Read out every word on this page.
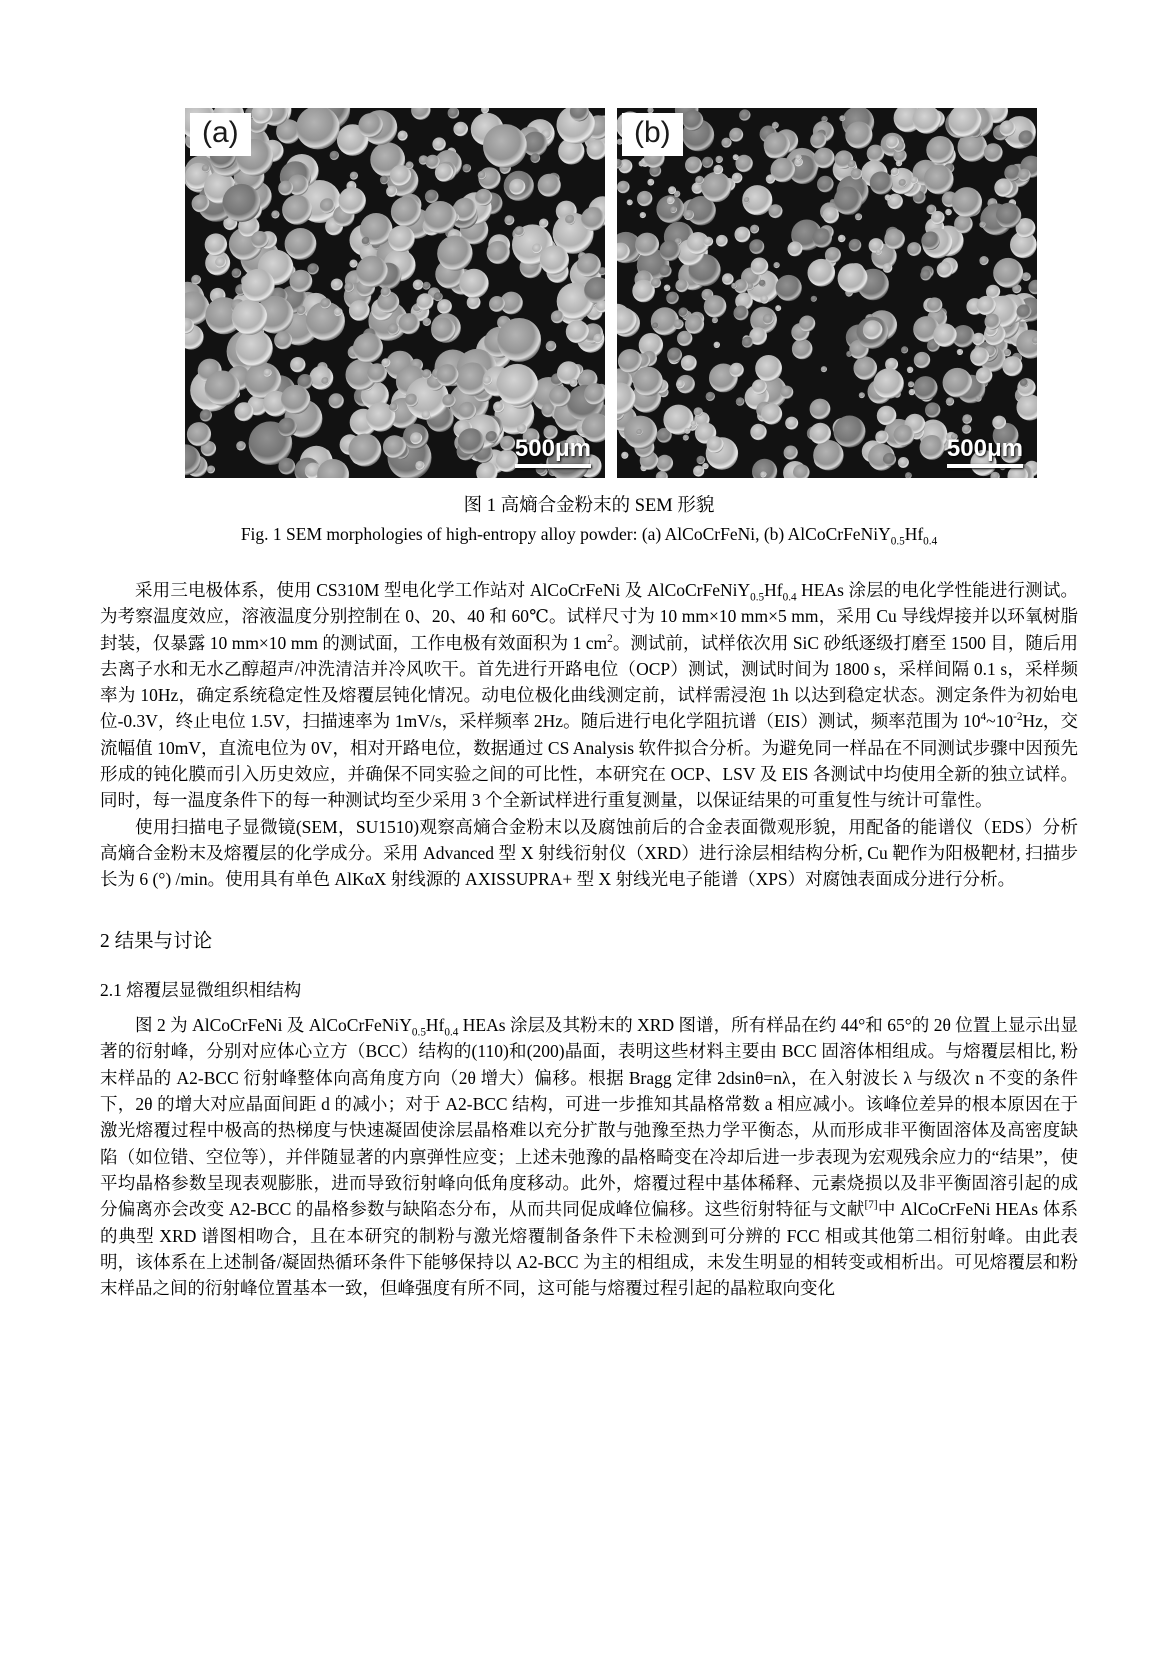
(a)
500μm
(b)
500μm
图 1 高熵合金粉末的 SEM 形貌
Fig. 1 SEM morphologies of high-entropy alloy powder: (a) AlCoCrFeNi, (b) $AlCoCrFeNiY_{0.5}Hf_{0.4}$

采用三电极体系，使用 CS310M 型电化学工作站对 AlCoCrFeNi 及 $AlCoCrFeNiY_{0.5}Hf_{0.4}$ HEAs 涂层的电化学性能进行测试。为考察温度效应，溶液温度分别控制在 0、20、40 和 60℃。试样尺寸为 10 mm×10 mm×5 mm，采用 Cu 导线焊接并以环氧树脂封装，仅暴露 10 mm×10 mm 的测试面，工作电极有效面积为 1 $cm^2$。测试前，试样依次用 SiC 砂纸逐级打磨至 1500 目，随后用去离子水和无水乙醇超声/冲洗清洁并冷风吹干。首先进行开路电位（OCP）测试，测试时间为 1800 s，采样间隔 0.1 s，采样频率为 10Hz，确定系统稳定性及熔覆层钝化情况。动电位极化曲线测定前，试样需浸泡 1h 以达到稳定状态。测定条件为初始电位-0.3V，终止电位 1.5V，扫描速率为 1mV/s，采样频率 2Hz。随后进行电化学阻抗谱（EIS）测试，频率范围为 $10^4\sim 10^{-2}Hz$，交流幅值 10mV，直流电位为 0V，相对开路电位，数据通过 CS Analysis 软件拟合分析。为避免同一样品在不同测试步骤中因预先形成的钝化膜而引入历史效应，并确保不同实验之间的可比性，本研究在 OCP、LSV 及 EIS 各测试中均使用全新的独立试样。同时，每一温度条件下的每一种测试均至少采用 3 个全新试样进行重复测量，以保证结果的可重复性与统计可靠性。

使用扫描电子显微镜(SEM，SU1510)观察高熵合金粉末以及腐蚀前后的合金表面微观形貌，用配备的能谱仪（EDS）分析高熵合金粉末及熔覆层的化学成分。采用 Advanced 型 X 射线衍射仪（XRD）进行涂层相结构分析, Cu 靶作为阳极靶材, 扫描步长为 6 (°) /min。使用具有单色 AlKαX 射线源的 AXISSUPRA+ 型 X 射线光电子能谱（XPS）对腐蚀表面成分进行分析。

2 结果与讨论
2.1 熔覆层显微组织相结构

图 2 为 AlCoCrFeNi 及 $AlCoCrFeNiY_{0.5}Hf_{0.4}$ HEAs 涂层及其粉末的 XRD 图谱，所有样品在约 44°和 65°的 2θ 位置上显示出显著的衍射峰，分别对应体心立方（BCC）结构的(110)和(200)晶面，表明这些材料主要由 BCC 固溶体相组成。与熔覆层相比, 粉末样品的 A2-BCC 衍射峰整体向高角度方向（2θ 增大）偏移。根据 Bragg 定律 2dsinθ=nλ，在入射波长 λ 与级次 n 不变的条件下，2θ 的增大对应晶面间距 d 的减小；对于 A2-BCC 结构，可进一步推知其晶格常数 a 相应减小。该峰位差异的根本原因在于激光熔覆过程中极高的热梯度与快速凝固使涂层晶格难以充分扩散与弛豫至热力学平衡态，从而形成非平衡固溶体及高密度缺陷（如位错、空位等），并伴随显著的内禀弹性应变；上述未弛豫的晶格畸变在冷却后进一步表现为宏观残余应力的“结果”，使平均晶格参数呈现表观膨胀，进而导致衍射峰向低角度移动。此外，熔覆过程中基体稀释、元素烧损以及非平衡固溶引起的成分偏离亦会改变 A2-BCC 的晶格参数与缺陷态分布，从而共同促成峰位偏移。这些衍射特征与文献[7]中 AlCoCrFeNi HEAs 体系的典型 XRD 谱图相吻合，且在本研究的制粉与激光熔覆制备条件下未检测到可分辨的 FCC 相或其他第二相衍射峰。由此表明，该体系在上述制备/凝固热循环条件下能够保持以 A2-BCC 为主的相组成，未发生明显的相转变或相析出。可见熔覆层和粉末样品之间的衍射峰位置基本一致，但峰强度有所不同，这可能与熔覆过程引起的晶粒取向变化
